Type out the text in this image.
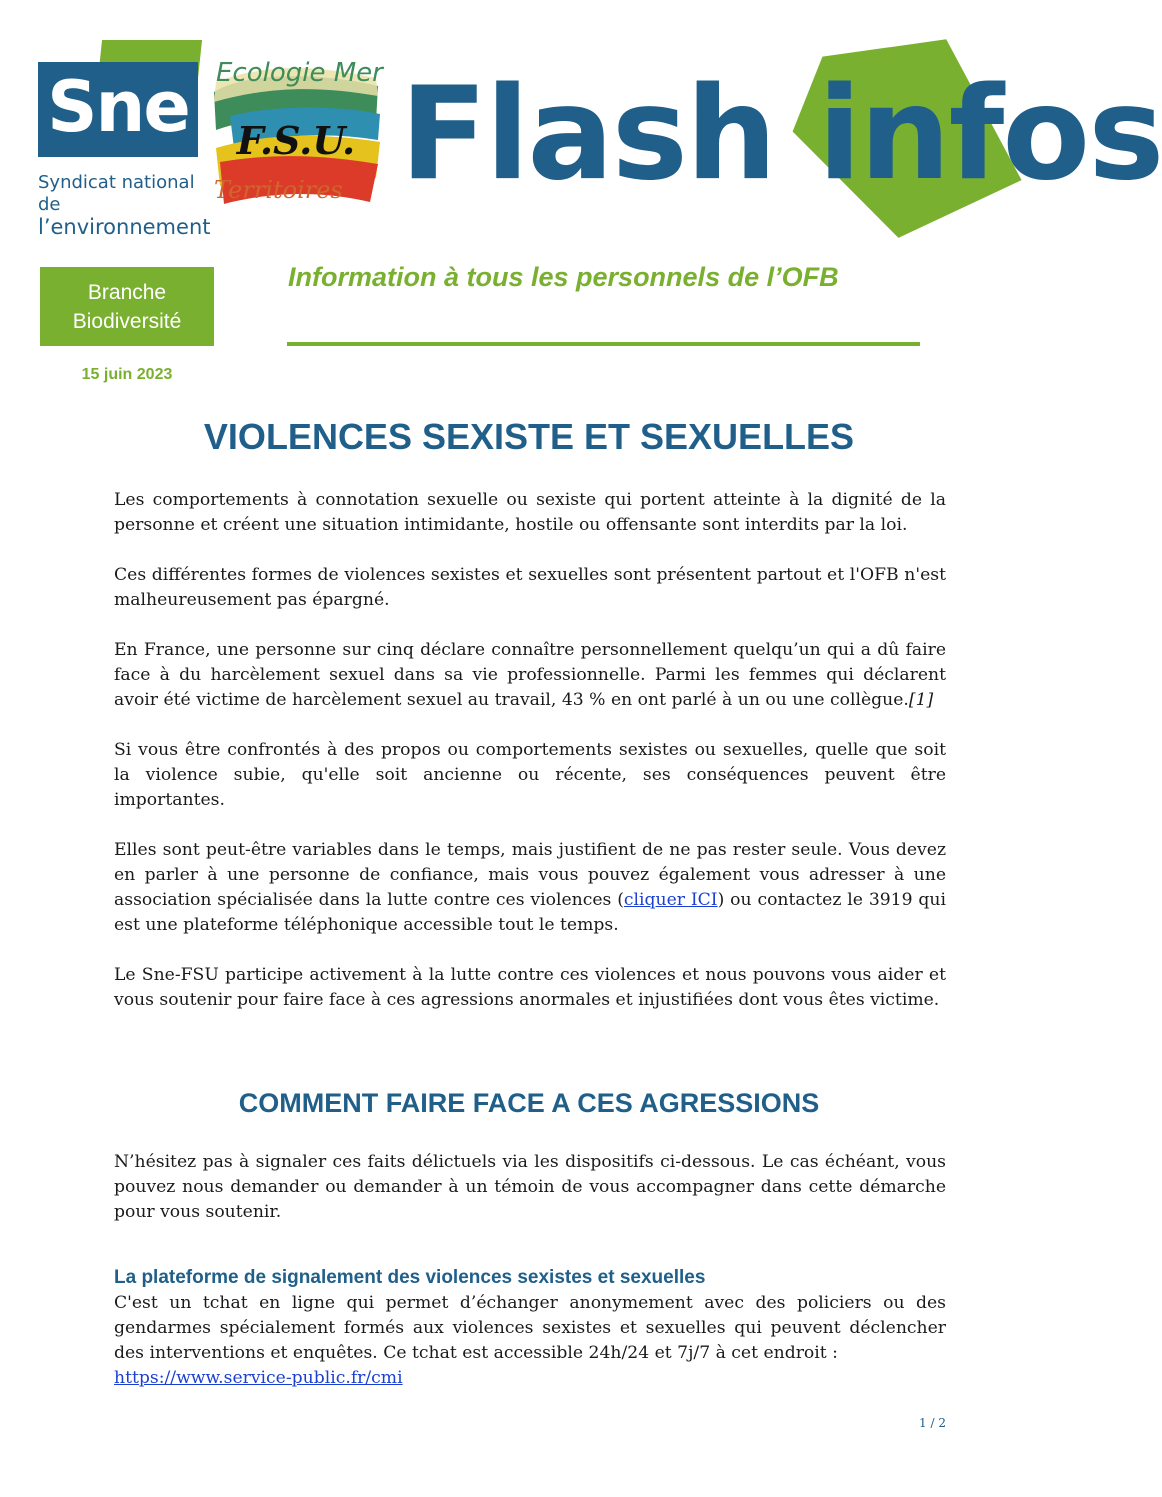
Sne
Syndicat national de
l’environnement
Ecologie Mer
F.S.U.
Territoires Flash infos
Branche
Biodiversité
15 juin 2023
Information à tous les personnels de l’OFB
VIOLENCES SEXISTE ET SEXUELLES
Les comportements à connotation sexuelle ou sexiste qui portent atteinte à la dignité de la personne et créent une situation intimidante, hostile ou offensante sont interdits par la loi.
Ces différentes formes de violences sexistes et sexuelles sont présentent partout et l'OFB n'est malheureusement pas épargné.
En France, une personne sur cinq déclare connaître personnellement quelqu’un qui a dû faire face à du harcèlement sexuel dans sa vie professionnelle. Parmi les femmes qui déclarent avoir été victime de harcèlement sexuel au travail, 43 % en ont parlé à un ou une collègue.[1]
Si vous être confrontés à des propos ou comportements sexistes ou sexuelles, quelle que soit la violence subie, qu'elle soit ancienne ou récente, ses conséquences peuvent être importantes.
Elles sont peut-être variables dans le temps, mais justifient de ne pas rester seule. Vous devez en parler à une personne de confiance, mais vous pouvez également vous adresser à une association spécialisée dans la lutte contre ces violences (cliquer ICI) ou contactez le 3919 qui est une plateforme téléphonique accessible tout le temps.
Le Sne-FSU participe activement à la lutte contre ces violences et nous pouvons vous aider et vous soutenir pour faire face à ces agressions anormales et injustifiées dont vous êtes victime.
COMMENT FAIRE FACE A CES AGRESSIONS
N’hésitez pas à signaler ces faits délictuels via les dispositifs ci-dessous. Le cas échéant, vous pouvez nous demander ou demander à un témoin de vous accompagner dans cette démarche pour vous soutenir.
La plateforme de signalement des violences sexistes et sexuelles
C'est un tchat en ligne qui permet d’échanger anonymement avec des policiers ou des gendarmes spécialement formés aux violences sexistes et sexuelles qui peuvent déclencher des interventions et enquêtes. Ce tchat est accessible 24h/24 et 7j/7 à cet endroit :
https://www.service-public.fr/cmi
1 / 2
